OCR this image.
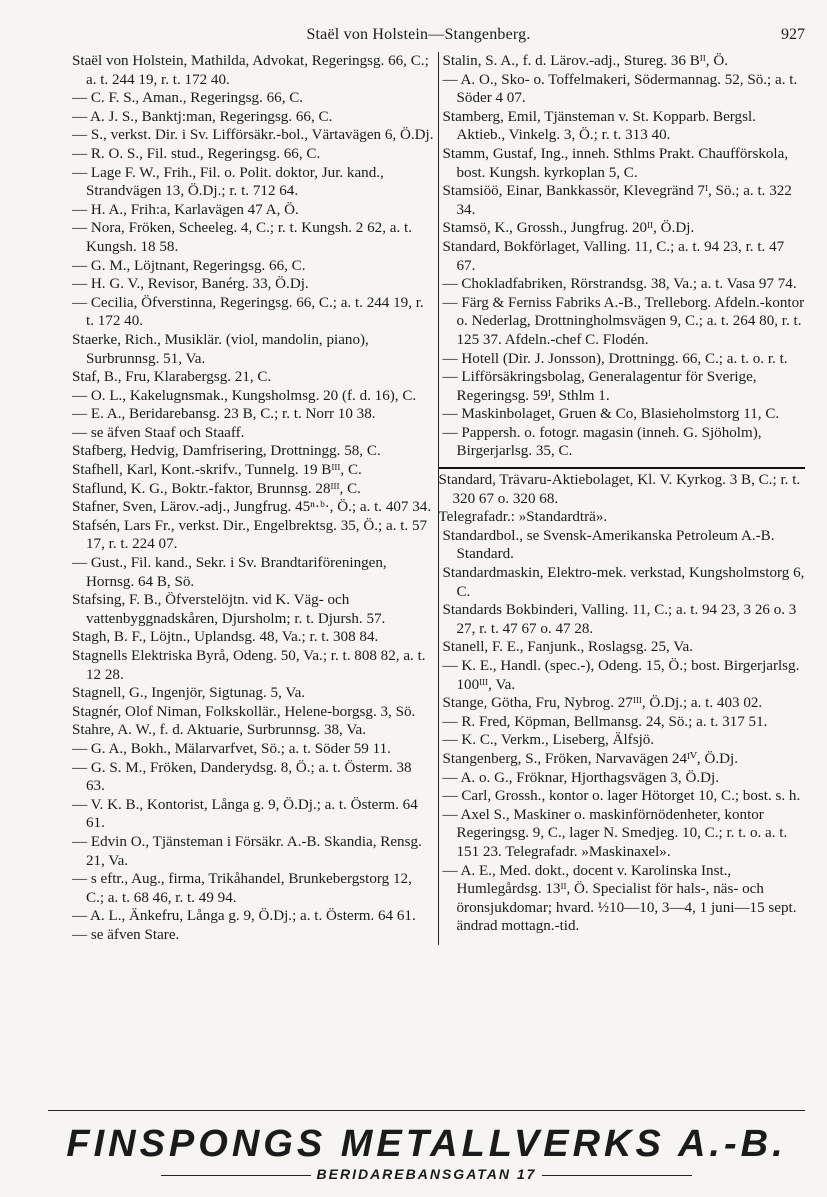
Staël von Holstein—Stangenberg.	927

Staël von Holstein, Mathilda, Advokat, Regeringsg. 66, C.; a. t. 244 19, r. t. 172 40.

— C. F. S., Aman., Regeringsg. 66, C.

— A. J. S., Banktj:man, Regeringsg. 66, C.

— S., verkst. Dir. i Sv. Lifförsäkr.-bol., Värtavägen 6, Ö.Dj.

— R. O. S., Fil. stud., Regeringsg. 66, C.

— Lage F. W., Frih., Fil. o. Polit. doktor, Jur. kand., Strandvägen 13, Ö.Dj.; r. t. 712 64.

— H. A., Frih:a, Karlavägen 47 A, Ö.

— Nora, Fröken, Scheeleg. 4, C.; r. t. Kungsh. 2 62, a. t. Kungsh. 18 58.

— G. M., Löjtnant, Regeringsg. 66, C.

— H. G. V., Revisor, Banérg. 33, Ö.Dj.

— Cecilia, Öfverstinna, Regeringsg. 66, C.; a. t. 244 19, r. t. 172 40.

Staerke, Rich., Musiklär. (viol, mandolin, piano), Surbrunnsg. 51, Va.

Staf, B., Fru, Klarabergsg. 21, C.

— O. L., Kakelugnsmak., Kungsholmsg. 20 (f. d. 16), C.

— E. A., Beridarebansg. 23 B, C.; r. t. Norr 10 38.

— se äfven Staaf och Staaff.

Stafberg, Hedvig, Damfrisering, Drottningg. 58, C.

Stafhell, Karl, Kont.-skrifv., Tunnelg. 19 Bᴵᴵᴵ, C.

Staflund, K. G., Boktr.-faktor, Brunnsg. 28ᴵᴵᴵ, C.

Stafner, Sven, Lärov.-adj., Jungfrug. 45ⁿ·ᵇ·, Ö.; a. t. 407 34.

Stafsén, Lars Fr., verkst. Dir., Engelbrektsg. 35, Ö.; a. t. 57 17, r. t. 224 07.

— Gust., Fil. kand., Sekr. i Sv. Brandtariföreningen, Hornsg. 64 B, Sö.

Stafsing, F. B., Öfverstelöjtn. vid K. Väg- och vattenbyggnadskåren, Djursholm; r. t. Djursh. 57.

Stagh, B. F., Löjtn., Uplandsg. 48, Va.; r. t. 308 84.

Stagnells Elektriska Byrå, Odeng. 50, Va.; r. t. 808 82, a. t. 12 28.

Stagnell, G., Ingenjör, Sigtunag. 5, Va.

Stagnér, Olof Niman, Folkskollär., Helene-borgsg. 3, Sö.

Stahre, A. W., f. d. Aktuarie, Surbrunnsg. 38, Va.

— G. A., Bokh., Mälarvarfvet, Sö.; a. t. Söder 59 11.

— G. S. M., Fröken, Danderydsg. 8, Ö.; a. t. Österm. 38 63.

— V. K. B., Kontorist, Långa g. 9, Ö.Dj.; a. t. Österm. 64 61.

— Edvin O., Tjänsteman i Försäkr. A.-B. Skandia, Rensg. 21, Va.

— s eftr., Aug., firma, Trikåhandel, Brunkebergstorg 12, C.; a. t. 68 46, r. t. 49 94.

— A. L., Änkefru, Långa g. 9, Ö.Dj.; a. t. Österm. 64 61.

— se äfven Stare.

Stalin, S. A., f. d. Lärov.-adj., Stureg. 36 Bᴵᴵ, Ö.

— A. O., Sko- o. Toffelmakeri, Södermannag. 52, Sö.; a. t. Söder 4 07.

Stamberg, Emil, Tjänsteman v. St. Kopparb. Bergsl. Aktieb., Vinkelg. 3, Ö.; r. t. 313 40.

Stamm, Gustaf, Ing., inneh. Sthlms Prakt. Chaufförskola, bost. Kungsh. kyrkoplan 5, C.

Stamsiöö, Einar, Bankkassör, Klevegränd 7ᴵ, Sö.; a. t. 322 34.

Stamsö, K., Grossh., Jungfrug. 20ᴵᴵ, Ö.Dj.

Standard, Bokförlaget, Valling. 11, C.; a. t. 94 23, r. t. 47 67.

— Chokladfabriken, Rörstrandsg. 38, Va.; a. t. Vasa 97 74.

— Färg & Ferniss Fabriks A.-B., Trelleborg. Afdeln.-kontor o. Nederlag, Drottningholmsvägen 9, C.; a. t. 264 80, r. t. 125 37. Afdeln.-chef C. Flodén.

— Hotell (Dir. J. Jonsson), Drottningg. 66, C.; a. t. o. r. t.

— Lifförsäkringsbolag, Generalagentur för Sverige, Regeringsg. 59ᴵ, Sthlm 1.

— Maskinbolaget, Gruen & Co, Blasieholmstorg 11, C.

— Pappersh. o. fotogr. magasin (inneh. G. Sjöholm), Birgerjarlsg. 35, C.

Standard, Trävaru-Aktiebolaget, Kl. V. Kyrkog. 3 B, C.; r. t. 320 67 o. 320 68.

Telegrafadr.: »Standardträ».

Standardbol., se Svensk-Amerikanska Petroleum A.-B. Standard.

Standardmaskin, Elektro-mek. verkstad, Kungsholmstorg 6, C.

Standards Bokbinderi, Valling. 11, C.; a. t. 94 23, 3 26 o. 3 27, r. t. 47 67 o. 47 28.

Stanell, F. E., Fanjunk., Roslagsg. 25, Va.

— K. E., Handl. (spec.-), Odeng. 15, Ö.; bost. Birgerjarlsg. 100ᴵᴵᴵ, Va.

Stange, Götha, Fru, Nybrog. 27ᴵᴵᴵ, Ö.Dj.; a. t. 403 02.

— R. Fred, Köpman, Bellmansg. 24, Sö.; a. t. 317 51.

— K. C., Verkm., Liseberg, Älfsjö.

Stangenberg, S., Fröken, Narvavägen 24ᴵⱽ, Ö.Dj.

— A. o. G., Fröknar, Hjorthagsvägen 3, Ö.Dj.

— Carl, Grossh., kontor o. lager Hötorget 10, C.; bost. s. h.

— Axel S., Maskiner o. maskinförnödenheter, kontor Regeringsg. 9, C., lager N. Smedjeg. 10, C.; r. t. o. a. t. 151 23. Telegrafadr. »Maskinaxel».

— A. E., Med. dokt., docent v. Karolinska Inst., Humlegårdsg. 13ᴵᴵ, Ö. Specialist för hals-, näs- och öronsjukdomar; hvard. ½10—10, 3—4, 1 juni—15 sept. ändrad mottagn.-tid.

FINSPONGS METALLVERKS A.-B.
BERIDAREBANSGATAN 17
